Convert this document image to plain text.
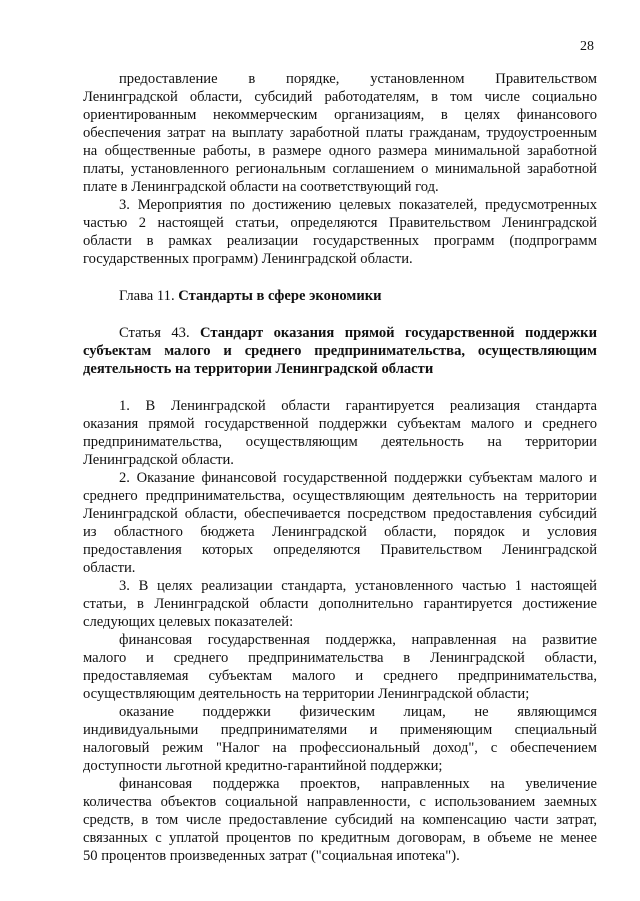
28
предоставление в порядке, установленном Правительством
Ленинградской области, субсидий работодателям, в том числе социально
ориентированным некоммерческим организациям, в целях финансового
обеспечения затрат на выплату заработной платы гражданам, трудоустроенным
на общественные работы, в размере одного размера минимальной заработной
платы, установленного региональным соглашением о минимальной заработной
плате в Ленинградской области на соответствующий год.
3. Мероприятия по достижению целевых показателей, предусмотренных
частью 2 настоящей статьи, определяются Правительством Ленинградской
области в рамках реализации государственных программ (подпрограмм
государственных программ) Ленинградской области.
Глава 11. Стандарты в сфере экономики
Статья 43. Стандарт оказания прямой государственной поддержки
субъектам малого и среднего предпринимательства, осуществляющим
деятельность на территории Ленинградской области
1. В Ленинградской области гарантируется реализация стандарта
оказания прямой государственной поддержки субъектам малого и среднего
предпринимательства, осуществляющим деятельность на территории
Ленинградской области.
2. Оказание финансовой государственной поддержки субъектам малого и
среднего предпринимательства, осуществляющим деятельность на территории
Ленинградской области, обеспечивается посредством предоставления субсидий
из областного бюджета Ленинградской области, порядок и условия
предоставления которых определяются Правительством Ленинградской
области.
3. В целях реализации стандарта, установленного частью 1 настоящей
статьи, в Ленинградской области дополнительно гарантируется достижение
следующих целевых показателей:
финансовая государственная поддержка, направленная на развитие
малого и среднего предпринимательства в Ленинградской области,
предоставляемая субъектам малого и среднего предпринимательства,
осуществляющим деятельность на территории Ленинградской области;
оказание поддержки физическим лицам, не являющимся
индивидуальными предпринимателями и применяющим специальный
налоговый режим "Налог на профессиональный доход", с обеспечением
доступности льготной кредитно-гарантийной поддержки;
финансовая поддержка проектов, направленных на увеличение
количества объектов социальной направленности, с использованием заемных
средств, в том числе предоставление субсидий на компенсацию части затрат,
связанных с уплатой процентов по кредитным договорам, в объеме не менее
50 процентов произведенных затрат ("социальная ипотека").
